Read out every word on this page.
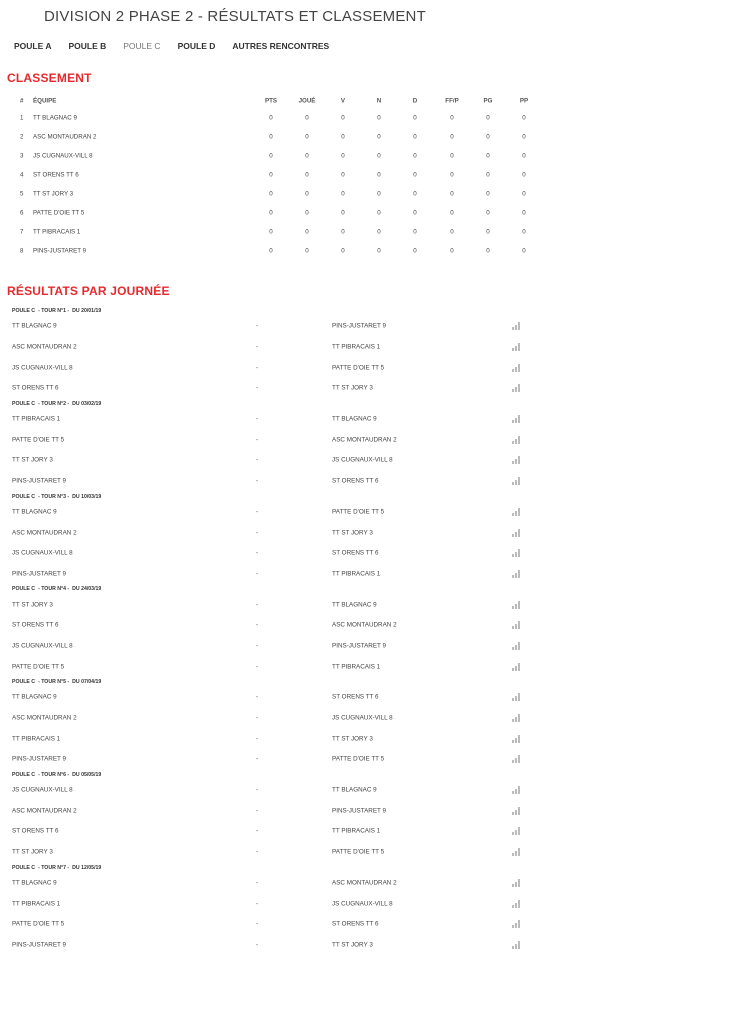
DIVISION 2 PHASE 2 - RÉSULTATS ET CLASSEMENT
POULE A POULE B POULE C POULE D AUTRES RENCONTRES
CLASSEMENT
#	ÉQUIPE	PTS	JOUÉ	V	N	D	FF/P	PG	PP
1	TT BLAGNAC 9	0	0	0	0	0	0	0	0
2	ASC MONTAUDRAN 2	0	0	0	0	0	0	0	0
3	JS CUGNAUX-VILL 8	0	0	0	0	0	0	0	0
4	ST ORENS TT 6	0	0	0	0	0	0	0	0
5	TT ST JORY 3	0	0	0	0	0	0	0	0
6	PATTE D'OIE TT 5	0	0	0	0	0	0	0	0
7	TT PIBRACAIS 1	0	0	0	0	0	0	0	0
8	PINS-JUSTARET 9	0	0	0	0	0	0	0	0
RÉSULTATS PAR JOURNÉE
POULE C - TOUR N°1 - DU 20/01/19
TT BLAGNAC 9	-	PINS-JUSTARET 9
ASC MONTAUDRAN 2	-	TT PIBRACAIS 1
JS CUGNAUX-VILL 8	-	PATTE D'OIE TT 5
ST ORENS TT 6	-	TT ST JORY 3
POULE C - TOUR N°2 - DU 03/02/19
TT PIBRACAIS 1	-	TT BLAGNAC 9
PATTE D'OIE TT 5	-	ASC MONTAUDRAN 2
TT ST JORY 3	-	JS CUGNAUX-VILL 8
PINS-JUSTARET 9	-	ST ORENS TT 6
POULE C - TOUR N°3 - DU 10/03/19
TT BLAGNAC 9	-	PATTE D'OIE TT 5
ASC MONTAUDRAN 2	-	TT ST JORY 3
JS CUGNAUX-VILL 8	-	ST ORENS TT 6
PINS-JUSTARET 9	-	TT PIBRACAIS 1
POULE C - TOUR N°4 - DU 24/03/19
TT ST JORY 3	-	TT BLAGNAC 9
ST ORENS TT 6	-	ASC MONTAUDRAN 2
JS CUGNAUX-VILL 8	-	PINS-JUSTARET 9
PATTE D'OIE TT 5	-	TT PIBRACAIS 1
POULE C - TOUR N°5 - DU 07/04/19
TT BLAGNAC 9	-	ST ORENS TT 6
ASC MONTAUDRAN 2	-	JS CUGNAUX-VILL 8
TT PIBRACAIS 1	-	TT ST JORY 3
PINS-JUSTARET 9	-	PATTE D'OIE TT 5
POULE C - TOUR N°6 - DU 05/05/19
JS CUGNAUX-VILL 8	-	TT BLAGNAC 9
ASC MONTAUDRAN 2	-	PINS-JUSTARET 9
ST ORENS TT 6	-	TT PIBRACAIS 1
TT ST JORY 3	-	PATTE D'OIE TT 5
POULE C - TOUR N°7 - DU 12/05/19
TT BLAGNAC 9	-	ASC MONTAUDRAN 2
TT PIBRACAIS 1	-	JS CUGNAUX-VILL 8
PATTE D'OIE TT 5	-	ST ORENS TT 6
PINS-JUSTARET 9	-	TT ST JORY 3
